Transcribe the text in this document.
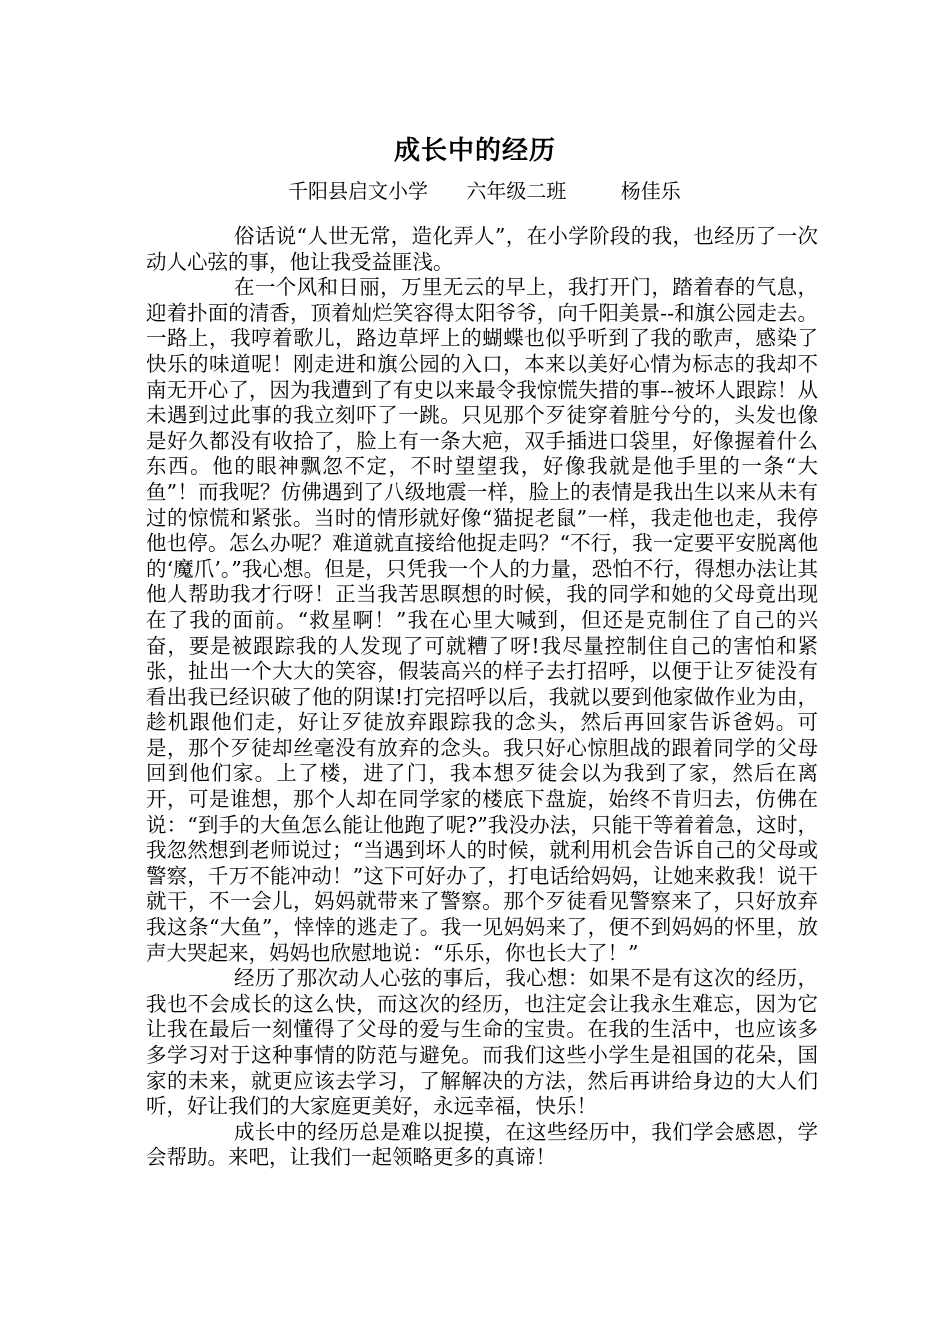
成长中的经历
千阳县启文小学 六年级二班	杨佳乐

俗话说“人世无常，造化弄人”，在小学阶段的我，也经历了一次动人心弦的事，他让我受益匪浅。

在一个风和日丽，万里无云的早上，我打开门，踏着春的气息，迎着扑面的清香，顶着灿烂笑容得太阳爷爷，向千阳美景--和旗公园走去。一路上，我哼着歌儿，路边草坪上的蝴蝶也似乎听到了我的歌声，感染了快乐的味道呢！刚走进和旗公园的入口，本来以美好心情为标志的我却不南无开心了，因为我遭到了有史以来最令我惊慌失措的事--被坏人跟踪！从未遇到过此事的我立刻吓了一跳。只见那个歹徒穿着脏兮兮的，头发也像是好久都没有收拾了，脸上有一条大疤，双手插进口袋里，好像握着什么东西。他的眼神飘忽不定，不时望望我，好像我就是他手里的一条“大鱼”！而我呢？仿佛遇到了八级地震一样，脸上的表情是我出生以来从未有过的惊慌和紧张。当时的情形就好像“猫捉老鼠”一样，我走他也走，我停他也停。怎么办呢？难道就直接给他捉走吗？“不行，我一定要平安脱离他的‘魔爪’。”我心想。但是，只凭我一个人的力量，恐怕不行，得想办法让其他人帮助我才行呀！正当我苦思瞑想的时候，我的同学和她的父母竟出现在了我的面前。“救星啊！”我在心里大喊到，但还是克制住了自己的兴奋，要是被跟踪我的人发现了可就糟了呀!我尽量控制住自己的害怕和紧张，扯出一个大大的笑容，假装高兴的样子去打招呼，以便于让歹徒没有看出我已经识破了他的阴谋!打完招呼以后，我就以要到他家做作业为由，趁机跟他们走，好让歹徒放弃跟踪我的念头，然后再回家告诉爸妈。可是，那个歹徒却丝毫没有放弃的念头。我只好心惊胆战的跟着同学的父母回到他们家。上了楼，进了门，我本想歹徒会以为我到了家，然后在离开，可是谁想，那个人却在同学家的楼底下盘旋，始终不肯归去，仿佛在说：“到手的大鱼怎么能让他跑了呢?”我没办法，只能干等着着急，这时，我忽然想到老师说过；“当遇到坏人的时候，就利用机会告诉自己的父母或警察，千万不能冲动！”这下可好办了，打电话给妈妈，让她来救我！说干就干，不一会儿，妈妈就带来了警察。那个歹徒看见警察来了，只好放弃我这条“大鱼”，悻悻的逃走了。我一见妈妈来了，便不到妈妈的怀里，放声大哭起来，妈妈也欣慰地说：“乐乐，你也长大了！”

经历了那次动人心弦的事后，我心想：如果不是有这次的经历，我也不会成长的这么快，而这次的经历，也注定会让我永生难忘，因为它让我在最后一刻懂得了父母的爱与生命的宝贵。在我的生活中，也应该多多学习对于这种事情的防范与避免。而我们这些小学生是祖国的花朵，国家的未来，就更应该去学习，了解解决的方法，然后再讲给身边的大人们听，好让我们的大家庭更美好，永远幸福，快乐！

成长中的经历总是难以捉摸，在这些经历中，我们学会感恩，学会帮助。来吧，让我们一起领略更多的真谛！
